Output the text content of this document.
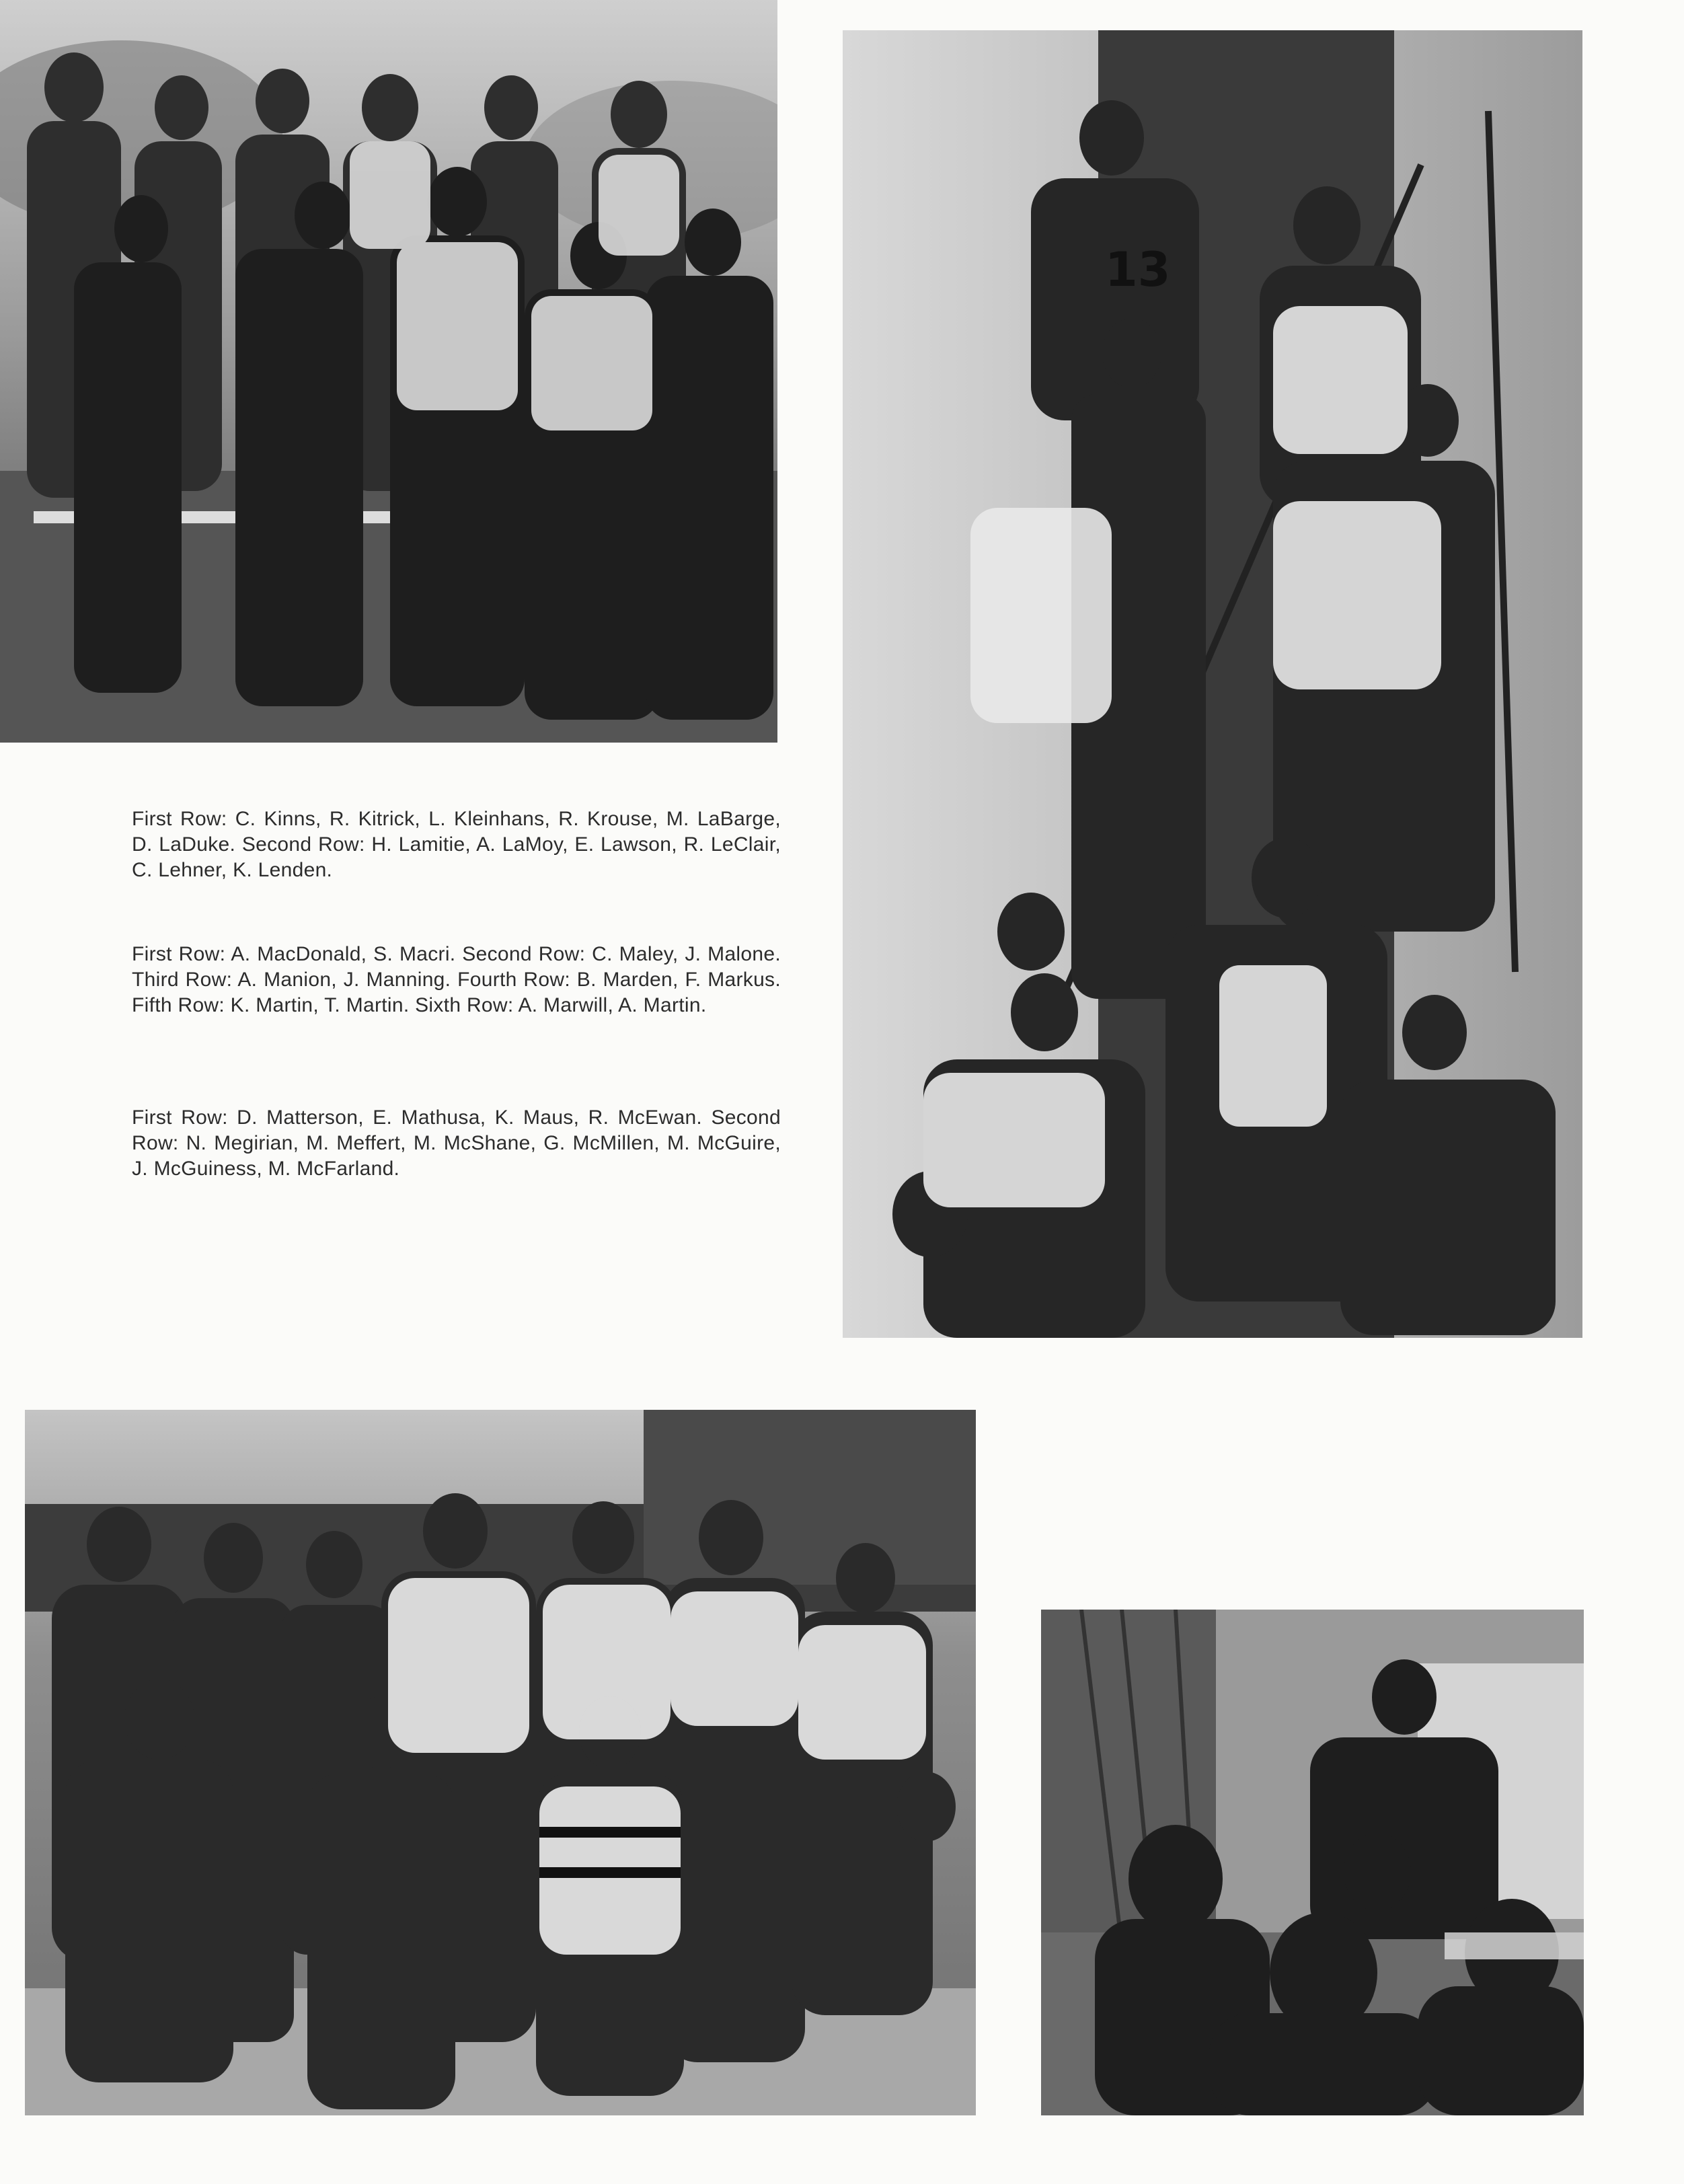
13

First Row: C. Kinns, R. Kitrick, L. Kleinhans, R. Krouse, M. LaBarge, D. LaDuke. Second Row: H. Lamitie, A. LaMoy, E. Lawson, R. LeClair, C. Lehner, K. Lenden.

First Row: A. MacDonald, S. Macri. Second Row: C. Maley, J. Malone. Third Row: A. Manion, J. Manning. Fourth Row: B. Marden, F. Markus. Fifth Row: K. Martin, T. Martin. Sixth Row: A. Marwill, A. Martin.

First Row: D. Matterson, E. Mathusa, K. Maus, R. McEwan. Second Row: N. Megirian, M. Meffert, M. McShane, G. McMillen, M. McGuire, J. McGuiness, M. McFarland.
